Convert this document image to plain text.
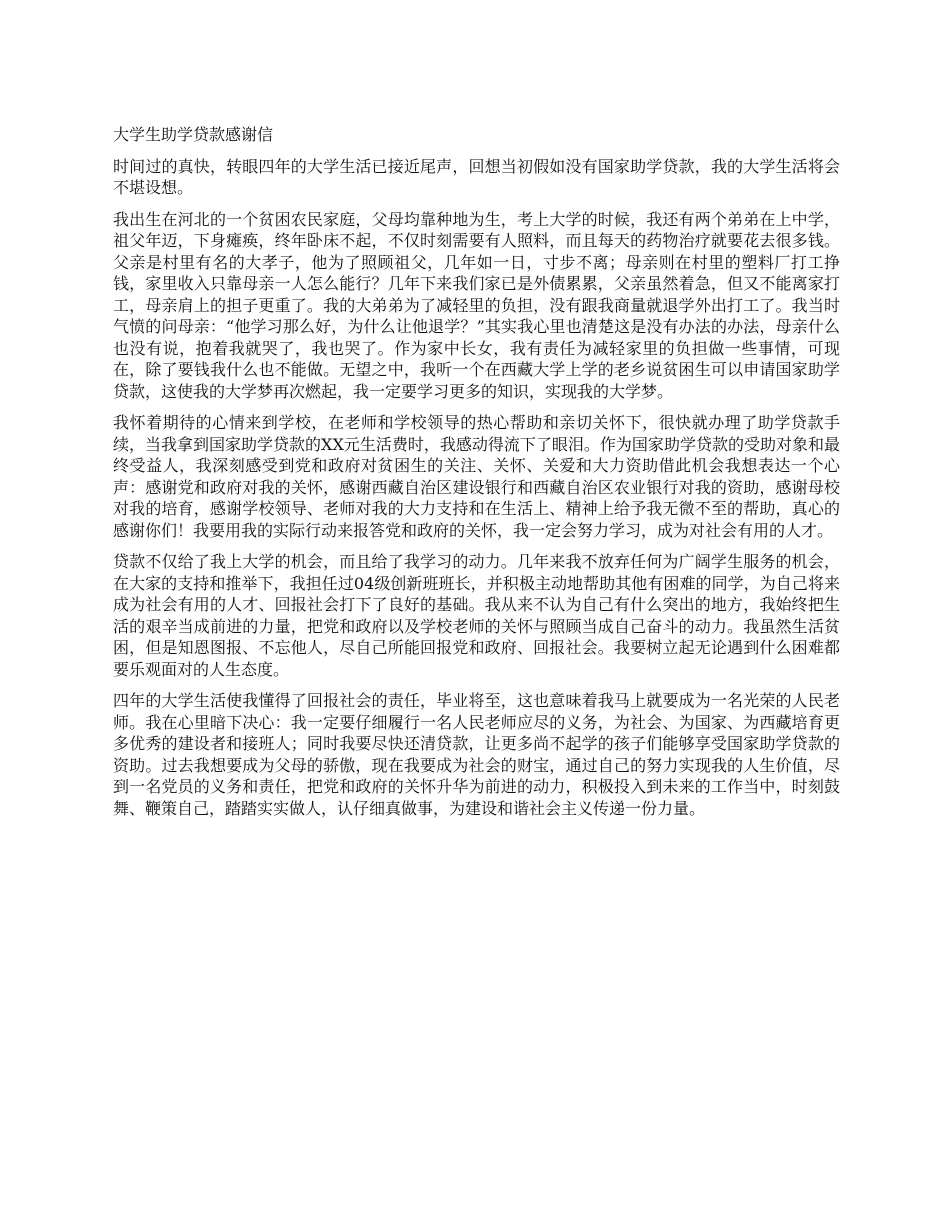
大学生助学贷款感谢信

时间过的真快，转眼四年的大学生活已接近尾声，回想当初假如没有国家助学贷款，我的大学生活将会不堪设想。

我出生在河北的一个贫困农民家庭，父母均靠种地为生，考上大学的时候，我还有两个弟弟在上中学，祖父年迈，下身瘫痪，终年卧床不起，不仅时刻需要有人照料，而且每天的药物治疗就要花去很多钱。父亲是村里有名的大孝子，他为了照顾祖父，几年如一日，寸步不离；母亲则在村里的塑料厂打工挣钱，家里收入只靠母亲一人怎么能行？几年下来我们家已是外债累累，父亲虽然着急，但又不能离家打工，母亲肩上的担子更重了。我的大弟弟为了减轻里的负担，没有跟我商量就退学外出打工了。我当时气愤的问母亲：“他学习那么好，为什么让他退学？”其实我心里也清楚这是没有办法的办法，母亲什么也没有说，抱着我就哭了，我也哭了。作为家中长女，我有责任为减轻家里的负担做一些事情，可现在，除了要钱我什么也不能做。无望之中，我听一个在西藏大学上学的老乡说贫困生可以申请国家助学贷款，这使我的大学梦再次燃起，我一定要学习更多的知识，实现我的大学梦。

我怀着期待的心情来到学校，在老师和学校领导的热心帮助和亲切关怀下，很快就办理了助学贷款手续，当我拿到国家助学贷款的XX元生活费时，我感动得流下了眼泪。作为国家助学贷款的受助对象和最终受益人，我深刻感受到党和政府对贫困生的关注、关怀、关爱和大力资助借此机会我想表达一个心声：感谢党和政府对我的关怀，感谢西藏自治区建设银行和西藏自治区农业银行对我的资助，感谢母校对我的培育，感谢学校领导、老师对我的大力支持和在生活上、精神上给予我无微不至的帮助，真心的感谢你们！我要用我的实际行动来报答党和政府的关怀，我一定会努力学习，成为对社会有用的人才。

贷款不仅给了我上大学的机会，而且给了我学习的动力。几年来我不放弃任何为广阔学生服务的机会，在大家的支持和推举下，我担任过04级创新班班长，并积极主动地帮助其他有困难的同学，为自己将来成为社会有用的人才、回报社会打下了良好的基础。我从来不认为自己有什么突出的地方，我始终把生活的艰辛当成前进的力量，把党和政府以及学校老师的关怀与照顾当成自己奋斗的动力。我虽然生活贫困，但是知恩图报、不忘他人，尽自己所能回报党和政府、回报社会。我要树立起无论遇到什么困难都要乐观面对的人生态度。

四年的大学生活使我懂得了回报社会的责任，毕业将至，这也意味着我马上就要成为一名光荣的人民老师。我在心里暗下决心：我一定要仔细履行一名人民老师应尽的义务，为社会、为国家、为西藏培育更多优秀的建设者和接班人；同时我要尽快还清贷款，让更多尚不起学的孩子们能够享受国家助学贷款的资助。过去我想要成为父母的骄傲，现在我要成为社会的财宝，通过自己的努力实现我的人生价值，尽到一名党员的义务和责任，把党和政府的关怀升华为前进的动力，积极投入到未来的工作当中，时刻鼓舞、鞭策自己，踏踏实实做人，认仔细真做事，为建设和谐社会主义传递一份力量。
